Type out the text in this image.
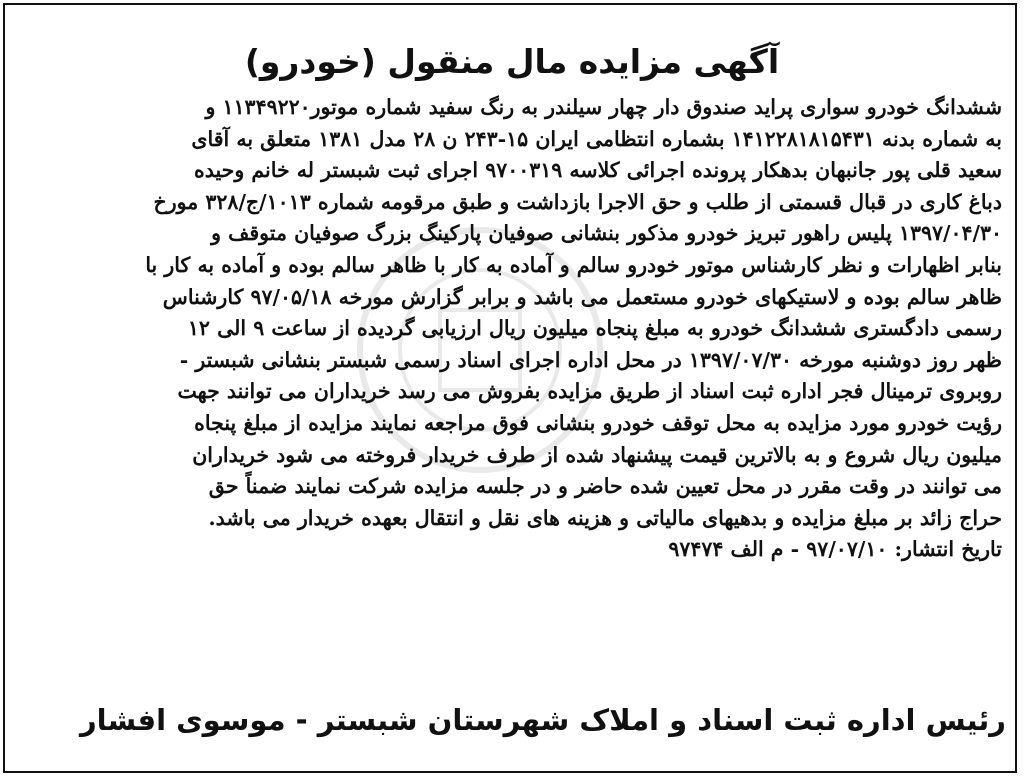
آگهی مزایده مال منقول (خودرو)
ششدانگ خودرو سواری پراید صندوق دار چهار سیلندر به رنگ سفید شماره موتور۱۱۳۴۹۲۲۰ و
به شماره بدنه ۱۴۱۲۲۸۱۸۱۵۴۳۱ بشماره انتظامی ایران ۱۵-۲۴۳ ن ۲۸ مدل ۱۳۸۱ متعلق به آقای
سعید قلی پور جانبهان بدهکار پرونده اجرائی کلاسه ۹۷۰۰۳۱۹ اجرای ثبت شبستر له خانم وحیده
دباغ کاری در قبال قسمتی از طلب و حق الاجرا بازداشت و طبق مرقومه شماره ۱۰۱۳/ج/۳۲۸ مورخ
۱۳۹۷/۰۴/۳۰ پلیس راهور تبریز خودرو مذکور بنشانی صوفیان پارکینگ بزرگ صوفیان متوقف و
بنابر اظهارات و نظر کارشناس موتور خودرو سالم و آماده به کار با ظاهر سالم بوده و آماده به کار با
ظاهر سالم بوده و لاستیکهای خودرو مستعمل می باشد و برابر گزارش مورخه ۹۷/۰۵/۱۸ کارشناس
رسمی دادگستری ششدانگ خودرو به مبلغ پنجاه میلیون ریال ارزیابی گردیده از ساعت ۹ الی ۱۲
ظهر روز دوشنبه مورخه ۱۳۹۷/۰۷/۳۰ در محل اداره اجرای اسناد رسمی شبستر بنشانی شبستر -
روبروی ترمینال فجر اداره ثبت اسناد از طریق مزایده بفروش می رسد خریداران می توانند جهت
رؤیت خودرو مورد مزایده به محل توقف خودرو بنشانی فوق مراجعه نمایند مزایده از مبلغ پنجاه
میلیون ریال شروع و به بالاترین قیمت پیشنهاد شده از طرف خریدار فروخته می شود خریداران
می توانند در وقت مقرر در محل تعیین شده حاضر و در جلسه مزایده شرکت نمایند ضمناً حق
حراج زائد بر مبلغ مزایده و بدهیهای مالیاتی و هزینه های نقل و انتقال بعهده خریدار می باشد.

تاریخ انتشار: ۹۷/۰۷/۱۰ - م الف ۹۷۴۷۴

رئیس اداره ثبت اسناد و املاک شهرستان شبستر - موسوی افشار
